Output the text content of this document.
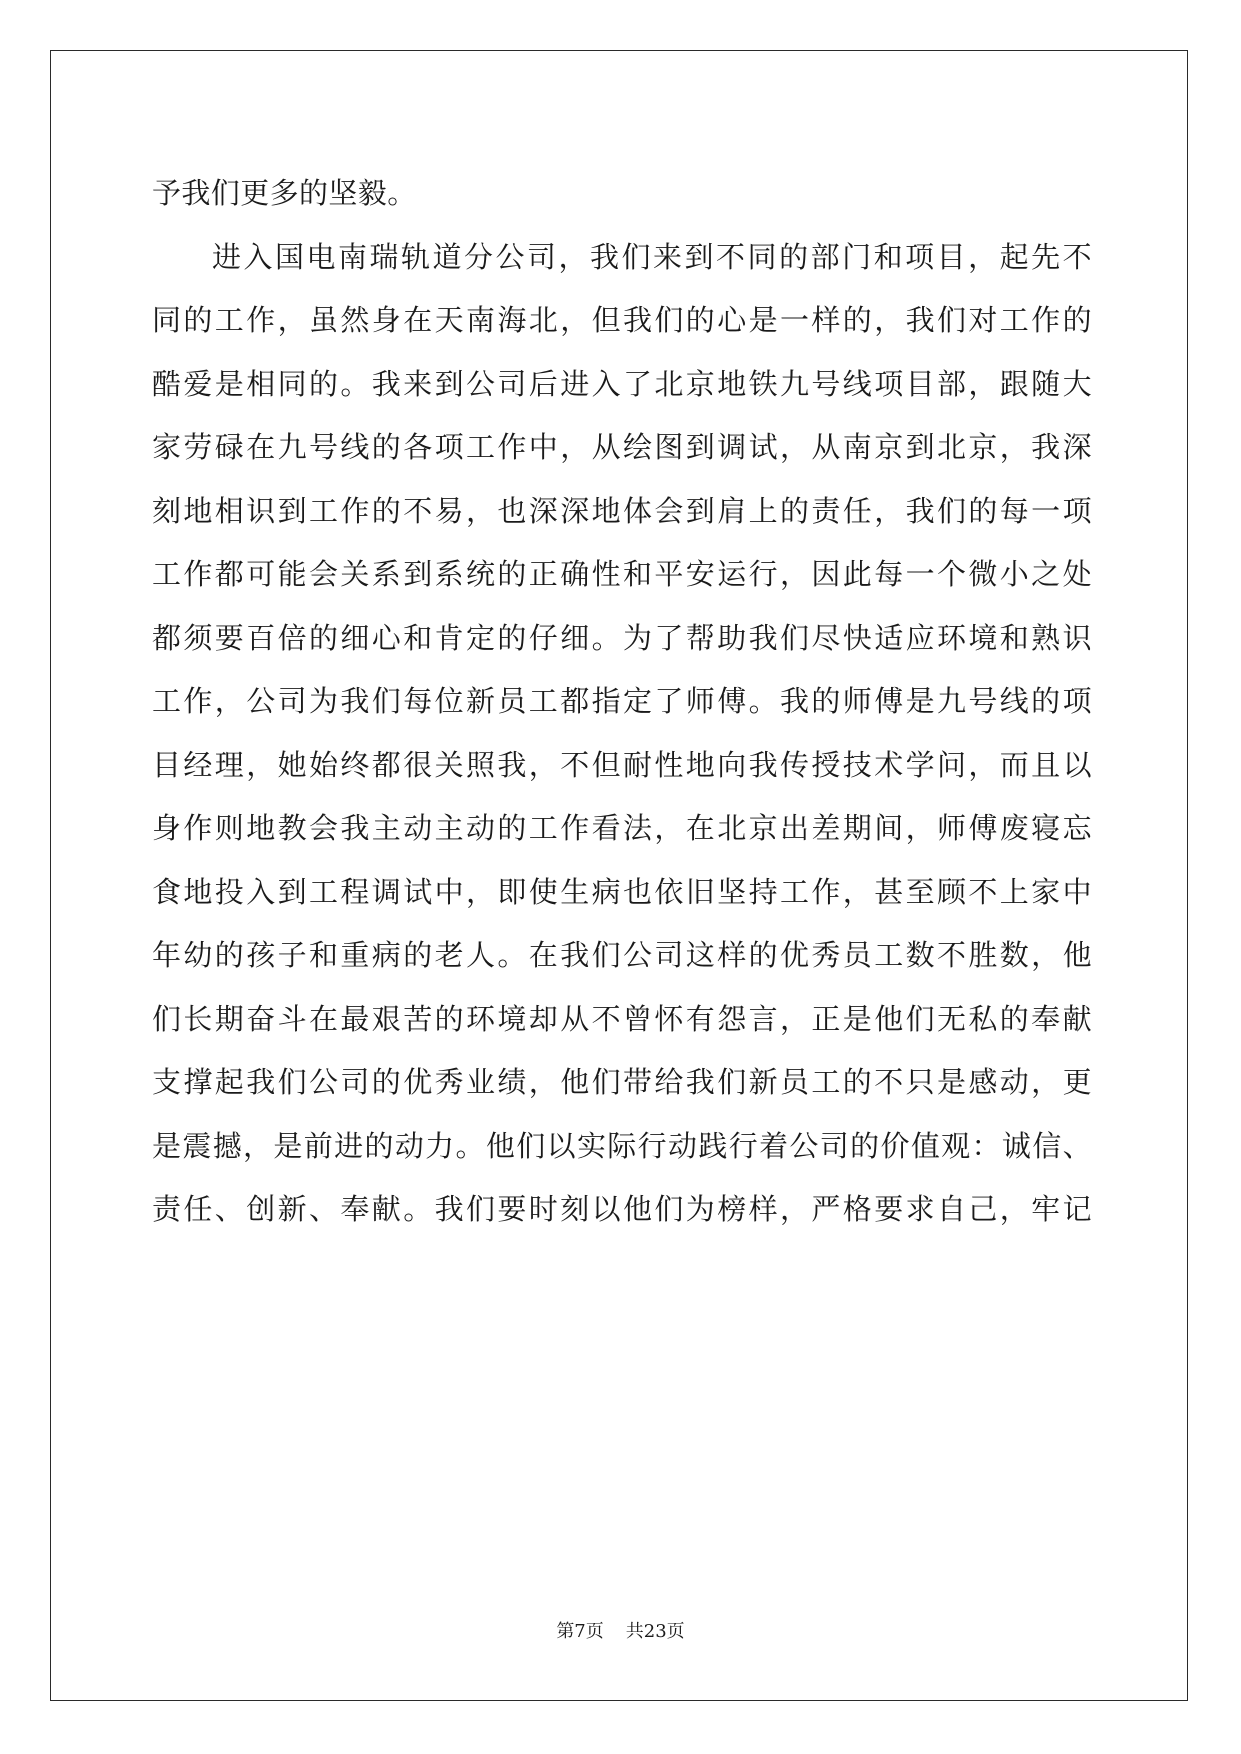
予我们更多的坚毅。
进入国电南瑞轨道分公司，我们来到不同的部门和项目，起先不
同的工作，虽然身在天南海北，但我们的心是一样的，我们对工作的
酷爱是相同的。我来到公司后进入了北京地铁九号线项目部，跟随大
家劳碌在九号线的各项工作中，从绘图到调试，从南京到北京，我深
刻地相识到工作的不易，也深深地体会到肩上的责任，我们的每一项
工作都可能会关系到系统的正确性和平安运行，因此每一个微小之处
都须要百倍的细心和肯定的仔细。为了帮助我们尽快适应环境和熟识
工作，公司为我们每位新员工都指定了师傅。我的师傅是九号线的项
目经理，她始终都很关照我，不但耐性地向我传授技术学问，而且以
身作则地教会我主动主动的工作看法，在北京出差期间，师傅废寝忘
食地投入到工程调试中，即使生病也依旧坚持工作，甚至顾不上家中
年幼的孩子和重病的老人。在我们公司这样的优秀员工数不胜数，他
们长期奋斗在最艰苦的环境却从不曾怀有怨言，正是他们无私的奉献
支撑起我们公司的优秀业绩，他们带给我们新员工的不只是感动，更
是震撼，是前进的动力。他们以实际行动践行着公司的价值观：诚信、
责任、创新、奉献。我们要时刻以他们为榜样，严格要求自己，牢记
第7页 共23页
